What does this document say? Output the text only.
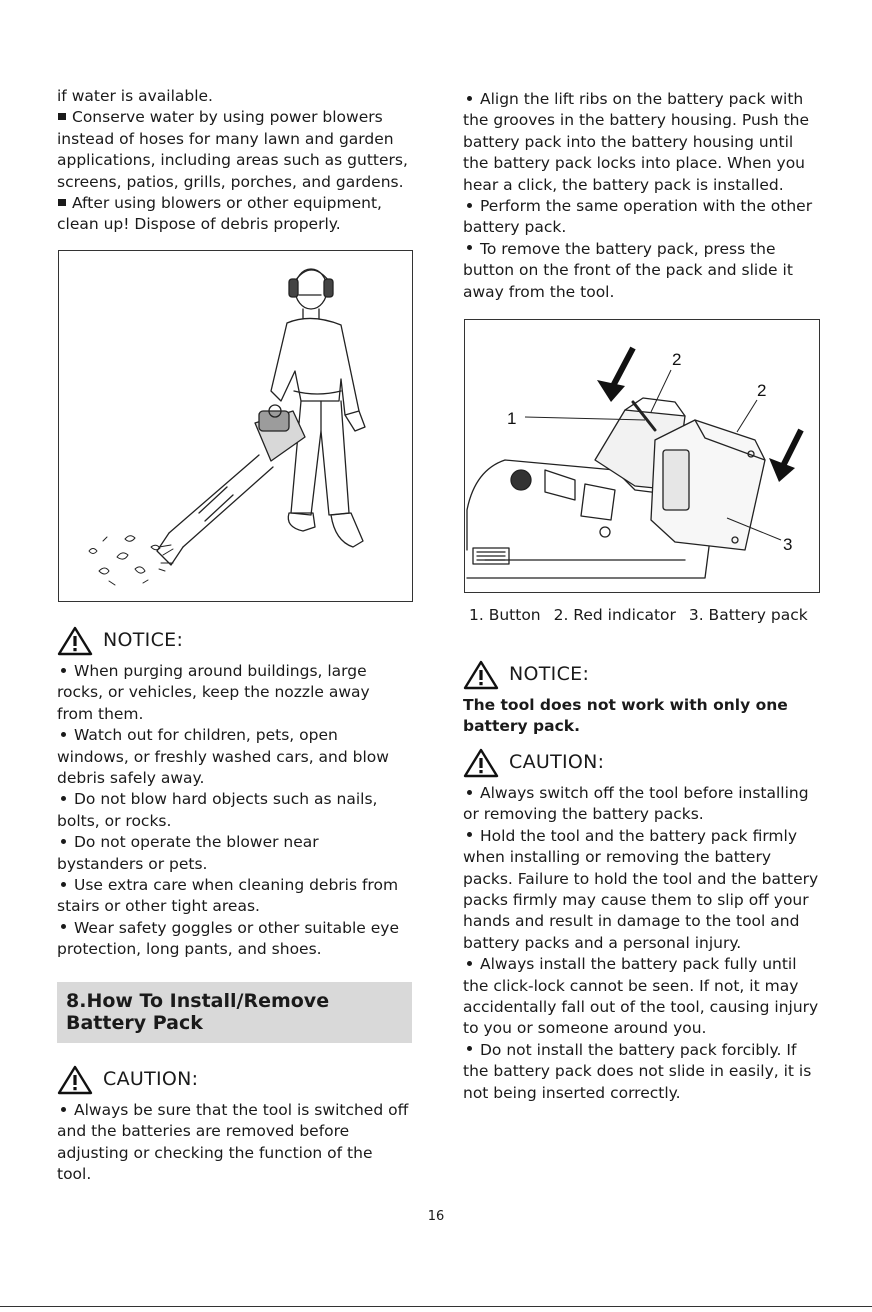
if water is available.

Conserve water by using power blowers instead of hoses for many lawn and garden applications, including areas such as gutters, screens, patios, grills, porches, and gardens.

After using blowers or other equipment, clean up! Dispose of debris properly.

NOTICE:

When purging around buildings, large rocks, or vehicles, keep the nozzle away from them.

Watch out for children, pets, open windows, or freshly washed cars, and blow debris safely away.

Do not blow hard objects such as nails, bolts, or rocks.

Do not operate the blower near bystanders or pets.

Use extra care when cleaning debris from stairs or other tight areas.

Wear safety goggles or other suitable eye protection, long pants, and shoes.

8.How To Install/Remove Battery Pack
CAUTION:

Always be sure that the tool is switched off and the batteries are removed before adjusting or checking the function of the tool.

Align the lift ribs on the battery pack with the grooves in the battery housing. Push the battery pack into the battery housing until the battery pack locks into place. When you hear a click, the battery pack is installed.

Perform the same operation with the other battery pack.

To remove the battery pack, press the button on the front of the pack and slide it away from the tool.

1
2
2
3
1. Button 2. Red indicator 3. Battery pack
NOTICE:

The tool does not work with only one battery pack.

CAUTION:

Always switch off the tool before installing or removing the battery packs.

Hold the tool and the battery pack firmly when installing or removing the battery packs. Failure to hold the tool and the battery packs firmly may cause them to slip off your hands and result in damage to the tool and battery packs and a personal injury.

Always install the battery pack fully until the click-lock cannot be seen. If not, it may accidentally fall out of the tool, causing injury to you or someone around you.

Do not install the battery pack forcibly. If the battery pack does not slide in easily, it is not being inserted correctly.

16
